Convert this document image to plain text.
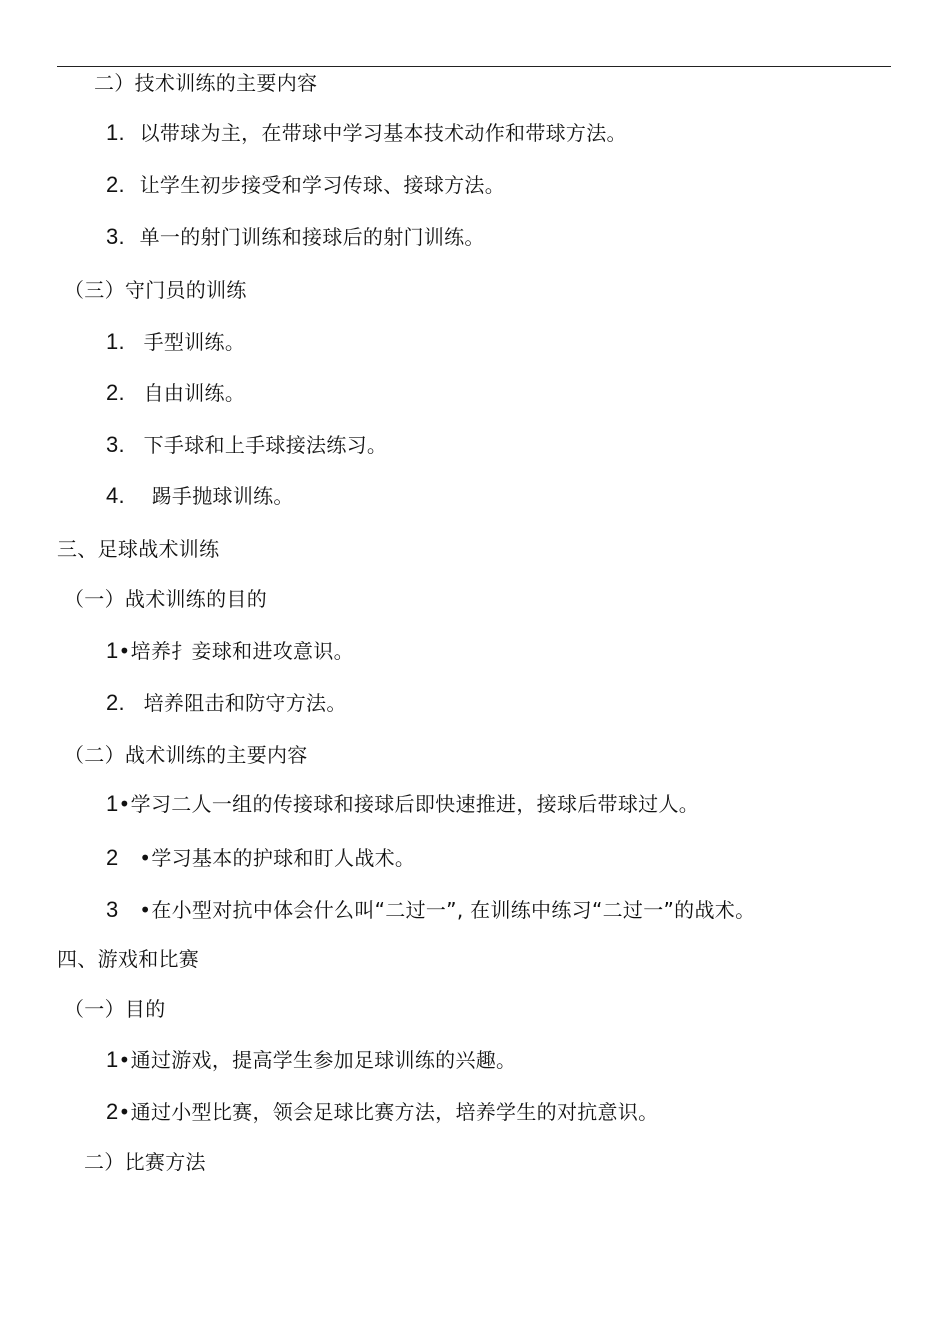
二）技术训练的主要内容
1. 以带球为主，在带球中学习基本技术动作和带球方法。
2. 让学生初步接受和学习传球、接球方法。
3. 单一的射门训练和接球后的射门训练。
（三）守门员的训练
1. 手型训练。
2. 自由训练。
3. 下手球和上手球接法练习。
4. 踢手抛球训练。
三、足球战术训练
（一）战术训练的目的
1•培养扌妾球和进攻意识。
2. 培养阻击和防守方法。
（二）战术训练的主要内容
1•学习二人一组的传接球和接球后即快速推进，接球后带球过人。
2 •学习基本的护球和盯人战术。
3 •在小型对抗中体会什么叫“二过一”, 在训练中练习“二过一”的战术。
四、游戏和比赛
（一）目的
1•通过游戏，提高学生参加足球训练的兴趣。
2•通过小型比赛，领会足球比赛方法，培养学生的对抗意识。
二）比赛方法
